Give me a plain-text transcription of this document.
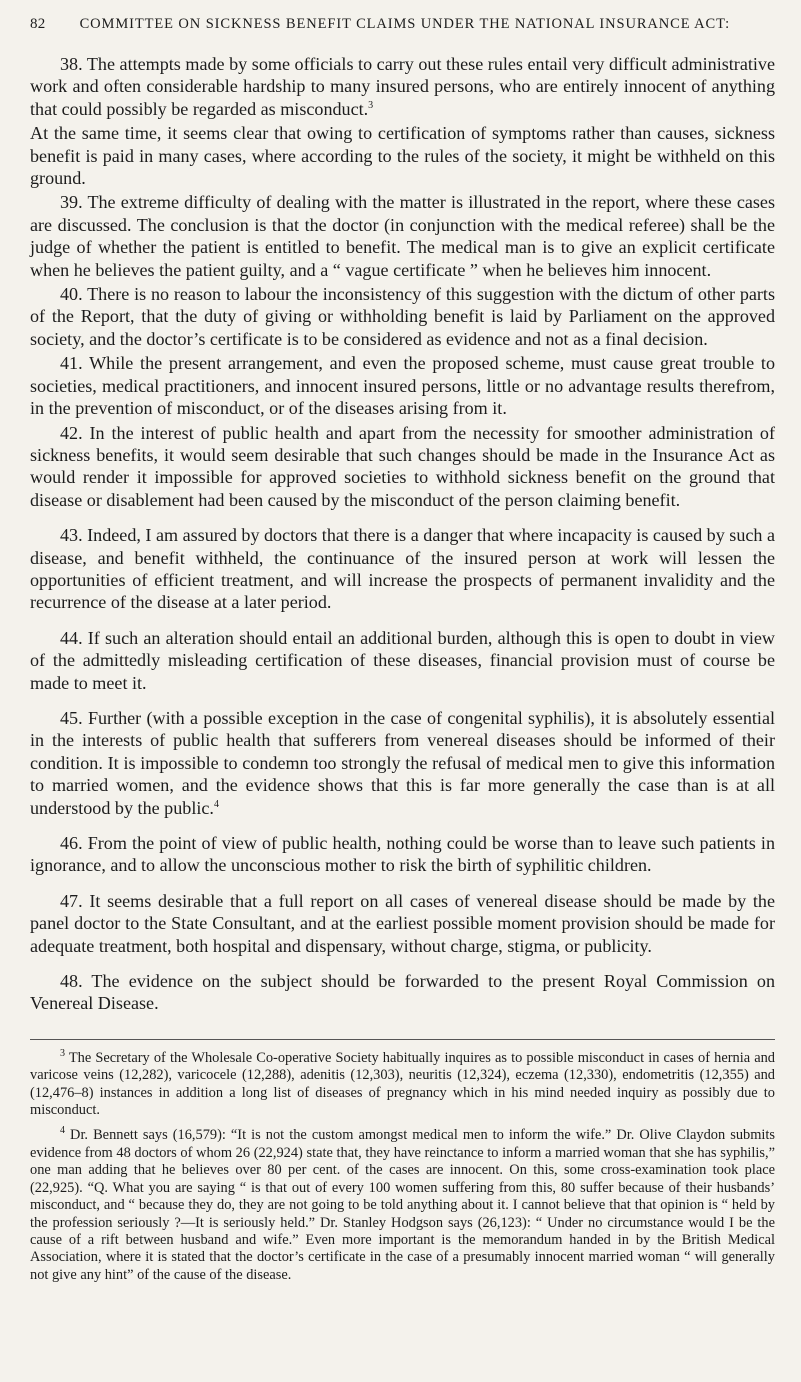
82 COMMITTEE ON SICKNESS BENEFIT CLAIMS UNDER THE NATIONAL INSURANCE ACT:

38. The attempts made by some officials to carry out these rules entail very difficult administrative work and often considerable hardship to many insured persons, who are entirely innocent of anything that could possibly be regarded as misconduct.$^3$

At the same time, it seems clear that owing to certification of symptoms rather than causes, sickness benefit is paid in many cases, where according to the rules of the society, it might be withheld on this ground.

39. The extreme difficulty of dealing with the matter is illustrated in the report, where these cases are discussed. The conclusion is that the doctor (in conjunction with the medical referee) shall be the judge of whether the patient is entitled to benefit. The medical man is to give an explicit certificate when he believes the patient guilty, and a “ vague certificate ” when he believes him innocent.

40. There is no reason to labour the inconsistency of this suggestion with the dictum of other parts of the Report, that the duty of giving or withholding benefit is laid by Parliament on the approved society, and the doctor’s certificate is to be considered as evidence and not as a final decision.

41. While the present arrangement, and even the proposed scheme, must cause great trouble to societies, medical practitioners, and innocent insured persons, little or no advantage results therefrom, in the prevention of misconduct, or of the diseases arising from it.

42. In the interest of public health and apart from the necessity for smoother administration of sickness benefits, it would seem desirable that such changes should be made in the Insurance Act as would render it impossible for approved societies to withhold sickness benefit on the ground that disease or disablement had been caused by the misconduct of the person claiming benefit.

43. Indeed, I am assured by doctors that there is a danger that where incapacity is caused by such a disease, and benefit withheld, the continuance of the insured person at work will lessen the opportunities of efficient treatment, and will increase the prospects of permanent invalidity and the recurrence of the disease at a later period.

44. If such an alteration should entail an additional burden, although this is open to doubt in view of the admittedly misleading certification of these diseases, financial provision must of course be made to meet it.

45. Further (with a possible exception in the case of congenital syphilis), it is absolutely essential in the interests of public health that sufferers from venereal diseases should be informed of their condition. It is impossible to condemn too strongly the refusal of medical men to give this information to married women, and the evidence shows that this is far more generally the case than is at all understood by the public.$^4$

46. From the point of view of public health, nothing could be worse than to leave such patients in ignorance, and to allow the unconscious mother to risk the birth of syphilitic children.

47. It seems desirable that a full report on all cases of venereal disease should be made by the panel doctor to the State Consultant, and at the earliest possible moment provision should be made for adequate treatment, both hospital and dispensary, without charge, stigma, or publicity.

48. The evidence on the subject should be forwarded to the present Royal Commission on Venereal Disease.

$^3$ The Secretary of the Wholesale Co-operative Society habitually inquires as to possible misconduct in cases of hernia and varicose veins (12,282), varicocele (12,288), adenitis (12,303), neuritis (12,324), eczema (12,330), endometritis (12,355) and (12,476–8) instances in addition a long list of diseases of pregnancy which in his mind needed inquiry as possibly due to misconduct.

$^4$ Dr. Bennett says (16,579): “It is not the custom amongst medical men to inform the wife.” Dr. Olive Claydon submits evidence from 48 doctors of whom 26 (22,924) state that, they have reinctance to inform a married woman that she has syphilis,” one man adding that he believes over 80 per cent. of the cases are innocent. On this, some cross-examination took place (22,925). “Q. What you are saying “ is that out of every 100 women suffering from this, 80 suffer because of their husbands’ misconduct, and “ because they do, they are not going to be told anything about it. I cannot believe that that opinion is “ held by the profession seriously ?—It is seriously held.” Dr. Stanley Hodgson says (26,123): “ Under no circumstance would I be the cause of a rift between husband and wife.” Even more important is the memorandum handed in by the British Medical Association, where it is stated that the doctor’s certificate in the case of a presumably innocent married woman “ will generally not give any hint” of the cause of the disease.
